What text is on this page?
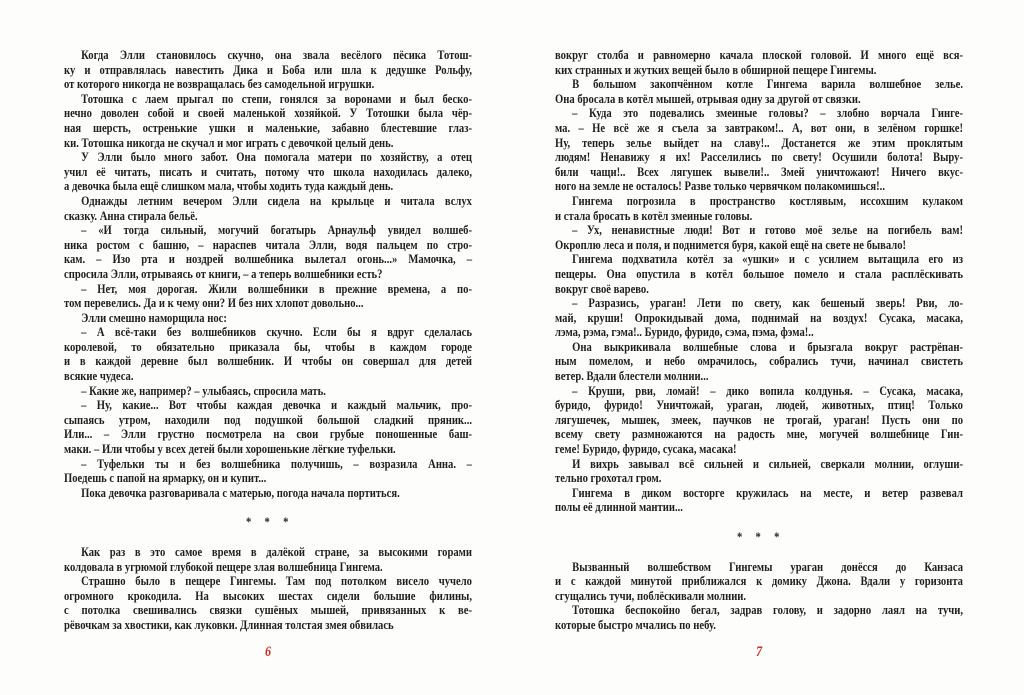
Когда Элли становилось скучно, она звала весёлого пёсика Тотош-
ку и отправлялась навестить Дика и Боба или шла к дедушке Рольфу,
от которого никогда не возвращалась без самодельной игрушки.
Тотошка с лаем прыгал по степи, гонялся за воронами и был беско-
нечно доволен собой и своей маленькой хозяйкой. У Тотошки была чёр-
ная шерсть, остренькие ушки и маленькие, забавно блестевшие глаз-
ки. Тотошка никогда не скучал и мог играть с девочкой целый день.
У Элли было много забот. Она помогала матери по хозяйству, а отец
учил её читать, писать и считать, потому что школа находилась далеко,
а девочка была ещё слишком мала, чтобы ходить туда каждый день.
Однажды летним вечером Элли сидела на крыльце и читала вслух
сказку. Анна стирала бельё.
– «И тогда сильный, могучий богатырь Арнаульф увидел волшеб-
ника ростом с башню, – нараспев читала Элли, водя пальцем по стро-
кам. – Изо рта и ноздрей волшебника вылетал огонь...» Мамочка, –
спросила Элли, отрываясь от книги, – а теперь волшебники есть?
– Нет, моя дорогая. Жили волшебники в прежние времена, а по-
том перевелись. Да и к чему они? И без них хлопот довольно...
Элли смешно наморщила нос:
– А всё-таки без волшебников скучно. Если бы я вдруг сделалась
королевой, то обязательно приказала бы, чтобы в каждом городе
и в каждой деревне был волшебник. И чтобы он совершал для детей
всякие чудеса.
– Какие же, например? – улыбаясь, спросила мать.
– Ну, какие... Вот чтобы каждая девочка и каждый мальчик, про-
сыпаясь утром, находили под подушкой большой сладкий пряник...
Или... – Элли грустно посмотрела на свои грубые поношенные баш-
маки. – Или чтобы у всех детей были хорошенькие лёгкие туфельки.
– Туфельки ты и без волшебника получишь, – возразила Анна. –
Поедешь с папой на ярмарку, он и купит...
Пока девочка разговаривала с матерью, погода начала портиться.
* * *
Как раз в это самое время в далёкой стране, за высокими горами
колдовала в угрюмой глубокой пещере злая волшебница Гингема.
Страшно было в пещере Гингемы. Там под потолком висело чучело
огромного крокодила. На высоких шестах сидели большие филины,
с потолка свешивались связки сушёных мышей, привязанных к ве-
рёвочкам за хвостики, как луковки. Длинная толстая змея обвилась
6
вокруг столба и равномерно качала плоской головой. И много ещё вся-
ких странных и жутких вещей было в обширной пещере Гингемы.
В большом закопчённом котле Гингема варила волшебное зелье.
Она бросала в котёл мышей, отрывая одну за другой от связки.
– Куда это подевались змеиные головы? – злобно ворчала Гинге-
ма. – Не всё же я съела за завтраком!.. А, вот они, в зелёном горшке!
Ну, теперь зелье выйдет на славу!.. Достанется же этим проклятым
людям! Ненавижу я их! Расселились по свету! Осушили болота! Выру-
били чащи!.. Всех лягушек вывели!.. Змей уничтожают! Ничего вкус-
ного на земле не осталось! Разве только червячком полакомишься!..
Гингема погрозила в пространство костлявым, иссохшим кулаком
и стала бросать в котёл змеиные головы.
– Ух, ненавистные люди! Вот и готово моё зелье на погибель вам!
Окроплю леса и поля, и поднимется буря, какой ещё на свете не бывало!
Гингема подхватила котёл за «ушки» и с усилием вытащила его из
пещеры. Она опустила в котёл большое помело и стала расплёскивать
вокруг своё варево.
– Разразись, ураган! Лети по свету, как бешеный зверь! Рви, ло-
май, круши! Опрокидывай дома, поднимай на воздух! Сусака, масака,
лэма, рэма, гэма!.. Буридо, фуридо, сэма, пэма, фэма!..
Она выкрикивала волшебные слова и брызгала вокруг растрёпан-
ным помелом, и небо омрачилось, собрались тучи, начинал свистеть
ветер. Вдали блестели молнии...
– Круши, рви, ломай! – дико вопила колдунья. – Сусака, масака,
буридо, фуридо! Уничтожай, ураган, людей, животных, птиц! Только
лягушечек, мышек, змеек, паучков не трогай, ураган! Пусть они по
всему свету размножаются на радость мне, могучей волшебнице Гин-
геме! Буридо, фуридо, сусака, масака!
И вихрь завывал всё сильней и сильней, сверкали молнии, оглуши-
тельно грохотал гром.
Гингема в диком восторге кружилась на месте, и ветер развевал
полы её длинной мантии...
* * *
Вызванный волшебством Гингемы ураган донёсся до Канзаса
и с каждой минутой приближался к домику Джона. Вдали у горизонта
сгущались тучи, поблёскивали молнии.
Тотошка беспокойно бегал, задрав голову, и задорно лаял на тучи,
которые быстро мчались по небу.
7
